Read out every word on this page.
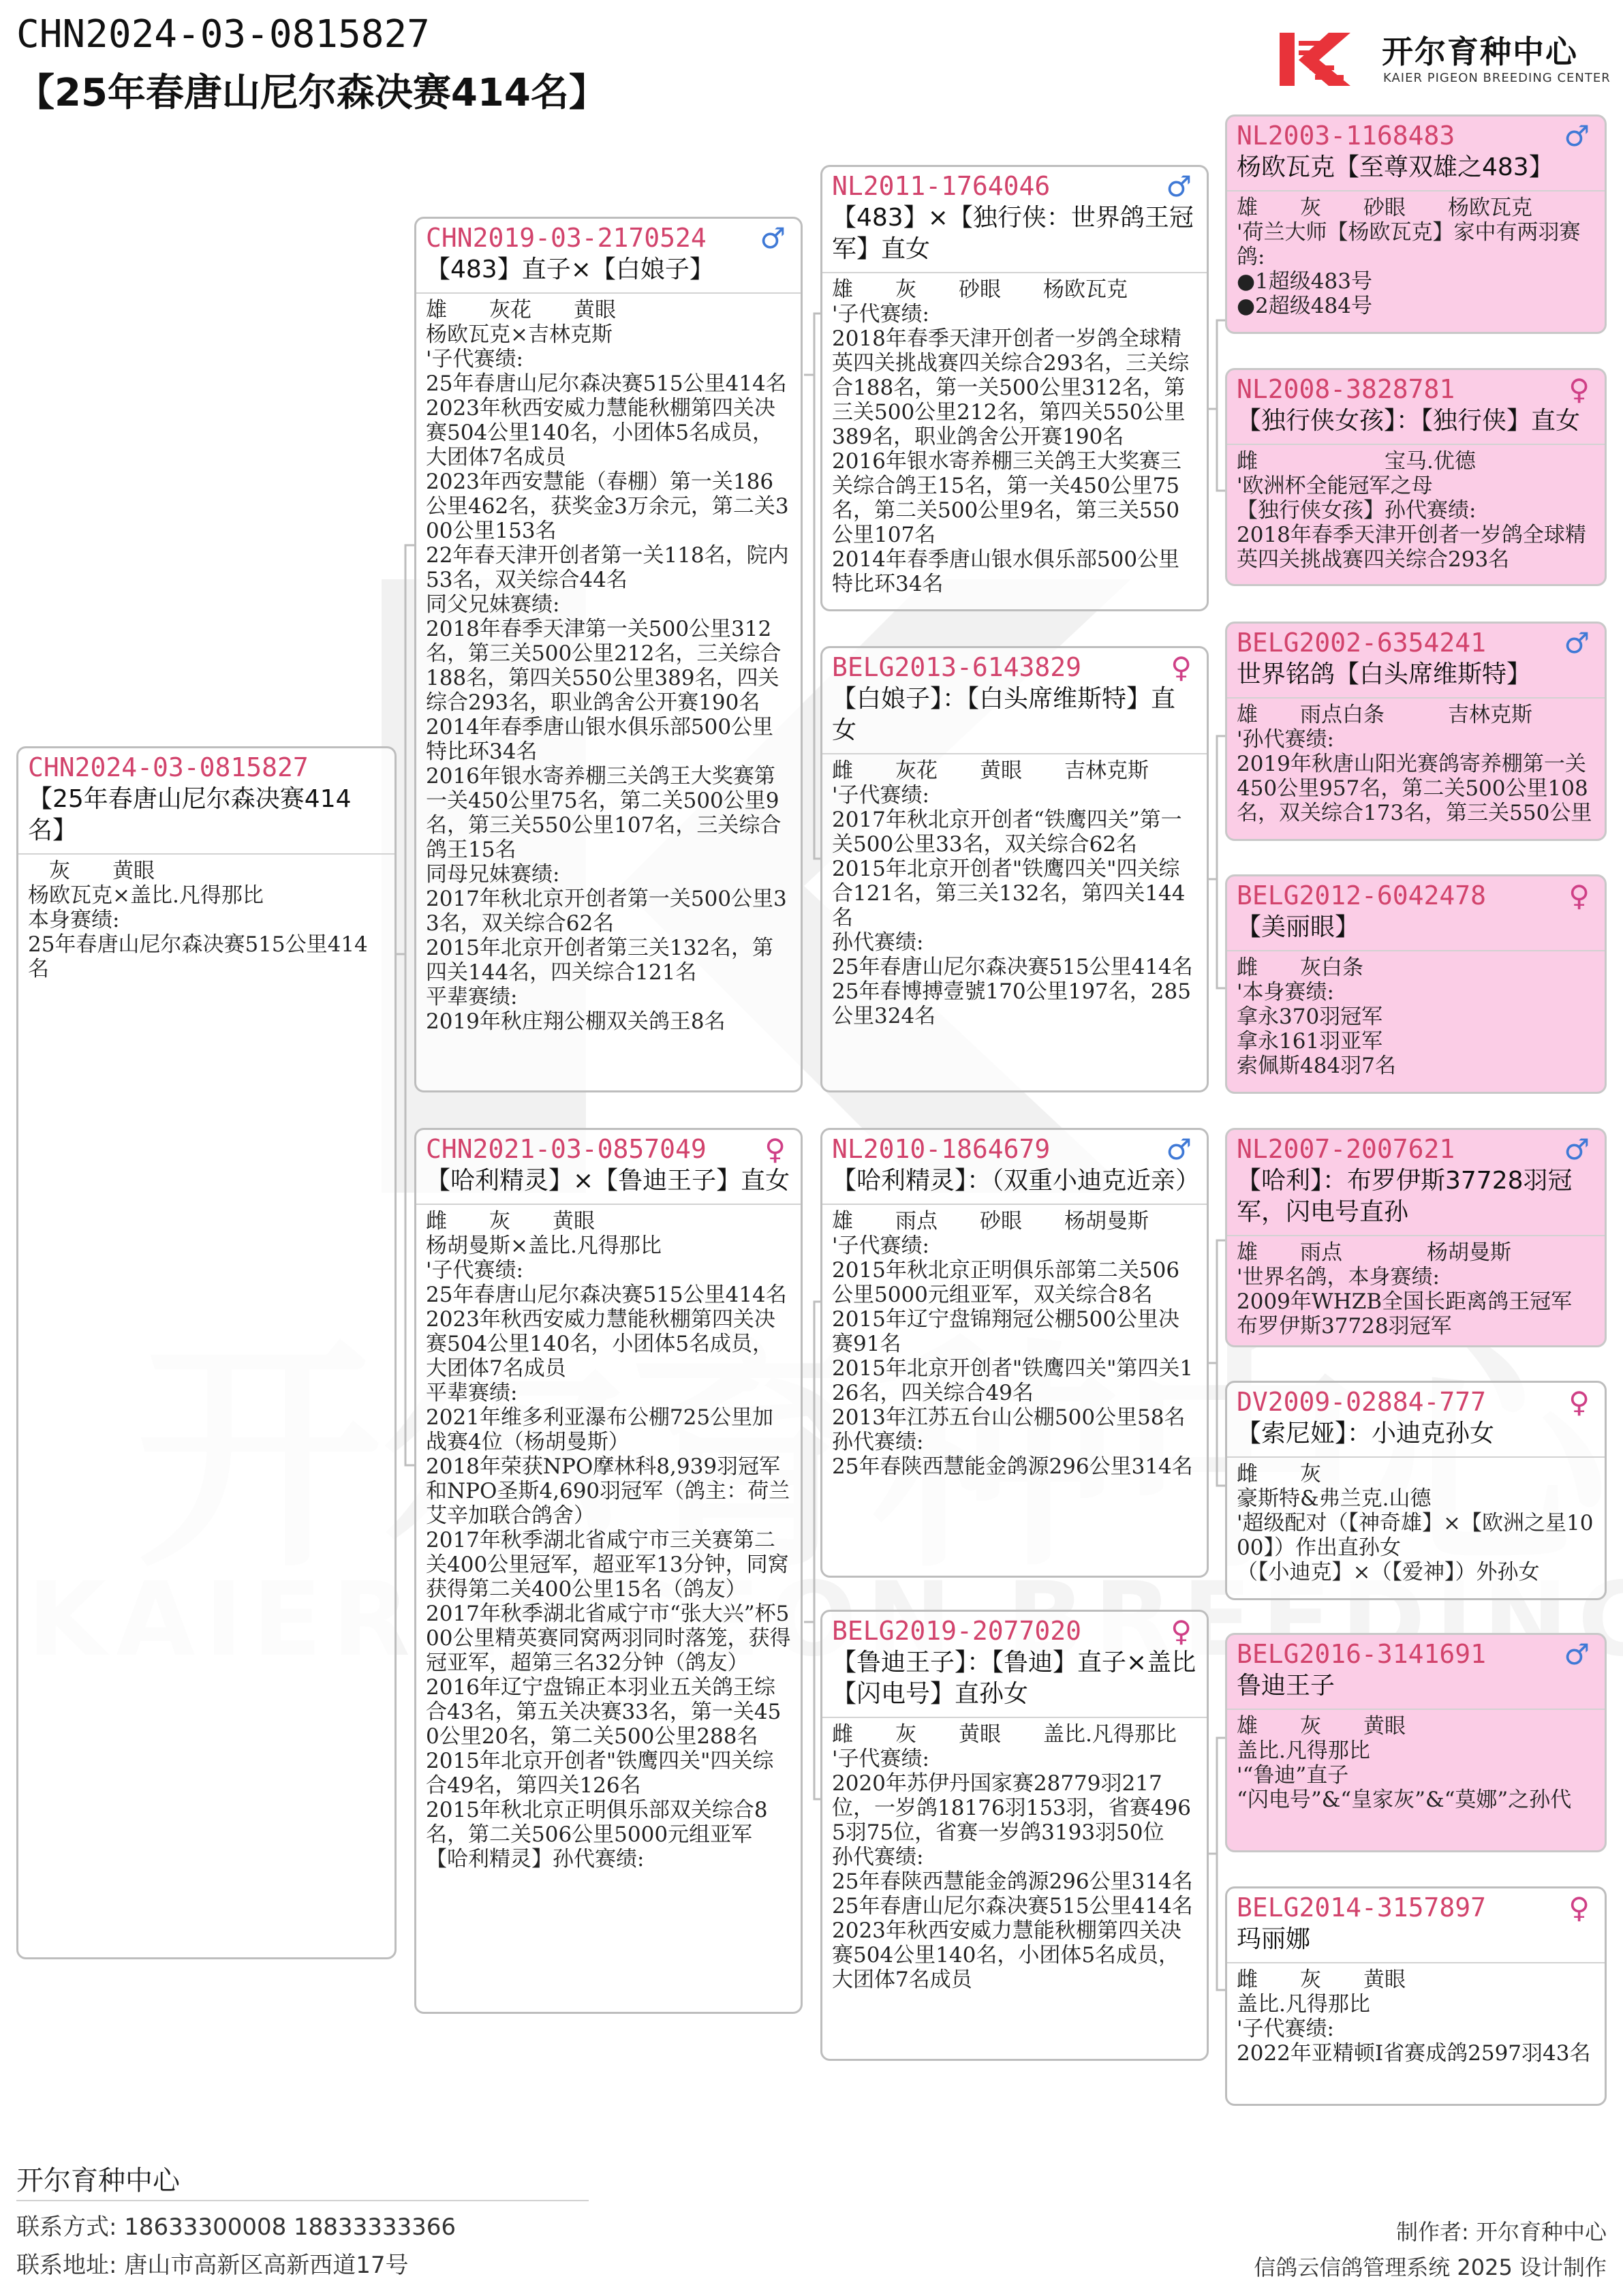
CHN2024-03-0815827
【25年春唐山尼尔森决赛414名】
开尔育种中心
KAIER PIGEON BREEDING CENTER
CHN2024-03-0815827
【25年春唐山尼尔森决赛414名】
　灰　　黄眼
杨欧瓦克×盖比.凡得那比
本身赛绩:
25年春唐山尼尔森决赛515公里414名
CHN2019-03-2170524
【483】直子×【白娘子】
♂
雄　　灰花　　黄眼
杨欧瓦克×吉林克斯
'子代赛绩:
25年春唐山尼尔森决赛515公里414名
2023年秋西安威力慧能秋棚第四关决赛504公里140名，小团体5名成员，大团体7名成员
2023年西安慧能（春棚）第一关186公里462名，获奖金3万余元，第二关300公里153名
22年春天津开创者第一关118名，院内53名，双关综合44名
同父兄妹赛绩:
2018年春季天津第一关500公里312名，第三关500公里212名，三关综合188名，第四关550公里389名，四关综合293名，职业鸽舍公开赛190名
2014年春季唐山银水俱乐部500公里特比环34名
2016年银水寄养棚三关鸽王大奖赛第一关450公里75名，第二关500公里9名，第三关550公里107名，三关综合鸽王15名
同母兄妹赛绩:
2017年秋北京开创者第一关500公里33名，双关综合62名
2015年北京开创者第三关132名，第四关144名，四关综合121名
平辈赛绩:
2019年秋庄翔公棚双关鸽王8名
CHN2021-03-0857049
【哈利精灵】×【鲁迪王子】直女
♀
雌　　灰　　黄眼
杨胡曼斯×盖比.凡得那比
'子代赛绩:
25年春唐山尼尔森决赛515公里414名
2023年秋西安威力慧能秋棚第四关决赛504公里140名，小团体5名成员，大团体7名成员
平辈赛绩:
2021年维多利亚瀑布公棚725公里加战赛4位（杨胡曼斯）
2018年荣获NPO摩林科8,939羽冠军和NPO圣斯4,690羽冠军（鸽主：荷兰艾辛加联合鸽舍）
2017年秋季湖北省咸宁市三关赛第二关400公里冠军，超亚军13分钟，同窝获得第二关400公里15名（鸽友）
2017年秋季湖北省咸宁市“张大兴”杯500公里精英赛同窝两羽同时落笼，获得冠亚军，超第三名32分钟（鸽友）
2016年辽宁盘锦正本羽业五关鸽王综合43名，第五关决赛33名，第一关450公里20名，第二关500公里288名
2015年北京开创者"铁鹰四关"四关综合49名，第四关126名
2015年秋北京正明俱乐部双关综合8名，第二关506公里5000元组亚军
【哈利精灵】孙代赛绩:
NL2011-1764046
【483】×【独行侠：世界鸽王冠军】直女
♂
雄　　灰　　砂眼　　杨欧瓦克
'子代赛绩:
2018年春季天津开创者一岁鸽全球精英四关挑战赛四关综合293名，三关综合188名，第一关500公里312名，第三关500公里212名，第四关550公里389名，职业鸽舍公开赛190名
2016年银水寄养棚三关鸽王大奖赛三关综合鸽王15名，第一关450公里75名，第二关500公里9名，第三关550公里107名
2014年春季唐山银水俱乐部500公里特比环34名
BELG2013-6143829
【白娘子】：【白头席维斯特】直女
♀
雌　　灰花　　黄眼　　吉林克斯
'子代赛绩:
2017年秋北京开创者“铁鹰四关”第一关500公里33名，双关综合62名
2015年北京开创者"铁鹰四关"四关综合121名，第三关132名，第四关144名
孙代赛绩:
25年春唐山尼尔森决赛515公里414名
25年春博搏壹號170公里197名，285公里324名
NL2010-1864679
【哈利精灵】：（双重小迪克近亲）
♂
雄　　雨点　　砂眼　　杨胡曼斯
'子代赛绩:
2015年秋北京正明俱乐部第二关506公里5000元组亚军，双关综合8名
2015年辽宁盘锦翔冠公棚500公里决赛91名
2015年北京开创者"铁鹰四关"第四关126名，四关综合49名
2013年江苏五台山公棚500公里58名
孙代赛绩:
25年春陕西慧能金鸽源296公里314名
BELG2019-2077020
【鲁迪王子】：【鲁迪】直子×盖比【闪电号】直孙女
♀
雌　　灰　　黄眼　　盖比.凡得那比
'子代赛绩:
2020年苏伊丹国家赛28779羽217位，一岁鸽18176羽153羽，省赛4965羽75位，省赛一岁鸽3193羽50位
孙代赛绩:
25年春陕西慧能金鸽源296公里314名
25年春唐山尼尔森决赛515公里414名
2023年秋西安威力慧能秋棚第四关决赛504公里140名，小团体5名成员，大团体7名成员
NL2003-1168483
杨欧瓦克【至尊双雄之483】
♂
雄　　灰　　砂眼　　杨欧瓦克
'荷兰大师【杨欧瓦克】家中有两羽赛鸽:
●1超级483号
●2超级484号
NL2008-3828781
【独行侠女孩】：【独行侠】直女
♀
雌　　　　　　宝马.优德
'欧洲杯全能冠军之母
【独行侠女孩】孙代赛绩:
2018年春季天津开创者一岁鸽全球精英四关挑战赛四关综合293名
BELG2002-6354241
世界铭鸽【白头席维斯特】
♂
雄　　雨点白条　　　吉林克斯
'孙代赛绩:
2019年秋唐山阳光赛鸽寄养棚第一关450公里957名，第二关500公里108名，双关综合173名，第三关550公里
BELG2012-6042478
【美丽眼】
♀
雌　　灰白条
'本身赛绩:
拿永370羽冠军
拿永161羽亚军
索佩斯484羽7名
NL2007-2007621
【哈利】：布罗伊斯37728羽冠军，闪电号直孙
♂
雄　　雨点　　　　杨胡曼斯
'世界名鸽，本身赛绩:
2009年WHZB全国长距离鸽王冠军
布罗伊斯37728羽冠军
DV2009-02884-777
【索尼娅】：小迪克孙女
♀
雌　　灰
豪斯特&弗兰克.山德
'超级配对（【神奇雄】×【欧洲之星1000】）作出直孙女
（【小迪克】×（【爱神】）外孙女
BELG2016-3141691
鲁迪王子
♂
雄　　灰　　黄眼
盖比.凡得那比
'“鲁迪”直子
“闪电号”&“皇家灰”&“莫娜”之孙代
BELG2014-3157897
玛丽娜
♀
雌　　灰　　黄眼
盖比.凡得那比
'子代赛绩:
2022年亚精顿I省赛成鸽2597羽43名
开尔育种中心
联系方式: 18633300008 18833333366
联系地址: 唐山市高新区高新西道17号
制作者: 开尔育种中心
信鸽云信鸽管理系统 2025 设计制作
